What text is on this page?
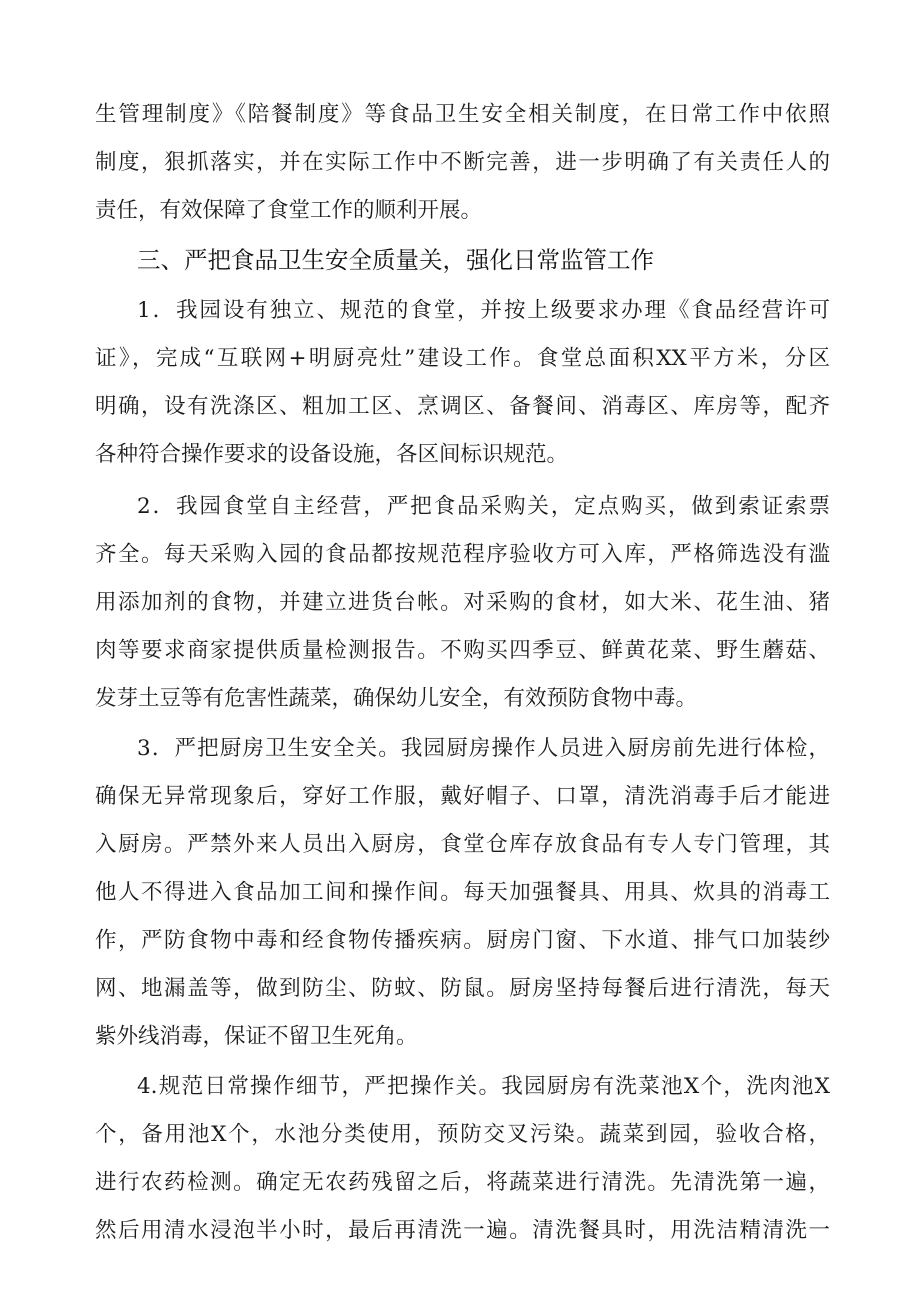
生管理制度》《陪餐制度》等食品卫生安全相关制度，在日常工作中依照
制度，狠抓落实，并在实际工作中不断完善，进一步明确了有关责任人的
责任，有效保障了食堂工作的顺利开展。
三、严把食品卫生安全质量关，强化日常监管工作
1．我园设有独立、规范的食堂，并按上级要求办理《食品经营许可
证》，完成“互联网+明厨亮灶”建设工作。食堂总面积XX平方米，分区
明确，设有洗涤区、粗加工区、烹调区、备餐间、消毒区、库房等，配齐
各种符合操作要求的设备设施，各区间标识规范。
2．我园食堂自主经营，严把食品采购关，定点购买，做到索证索票
齐全。每天采购入园的食品都按规范程序验收方可入库，严格筛选没有滥
用添加剂的食物，并建立进货台帐。对采购的食材，如大米、花生油、猪
肉等要求商家提供质量检测报告。不购买四季豆、鲜黄花菜、野生蘑菇、
发芽土豆等有危害性蔬菜，确保幼儿安全，有效预防食物中毒。
3．严把厨房卫生安全关。我园厨房操作人员进入厨房前先进行体检，
确保无异常现象后，穿好工作服，戴好帽子、口罩，清洗消毒手后才能进
入厨房。严禁外来人员出入厨房，食堂仓库存放食品有专人专门管理，其
他人不得进入食品加工间和操作间。每天加强餐具、用具、炊具的消毒工
作，严防食物中毒和经食物传播疾病。厨房门窗、下水道、排气口加装纱
网、地漏盖等，做到防尘、防蚊、防鼠。厨房坚持每餐后进行清洗，每天
紫外线消毒，保证不留卫生死角。
4.规范日常操作细节，严把操作关。我园厨房有洗菜池X个，洗肉池X
个，备用池X个，水池分类使用，预防交叉污染。蔬菜到园，验收合格，
进行农药检测。确定无农药残留之后，将蔬菜进行清洗。先清洗第一遍，
然后用清水浸泡半小时，最后再清洗一遍。清洗餐具时，用洗洁精清洗一
